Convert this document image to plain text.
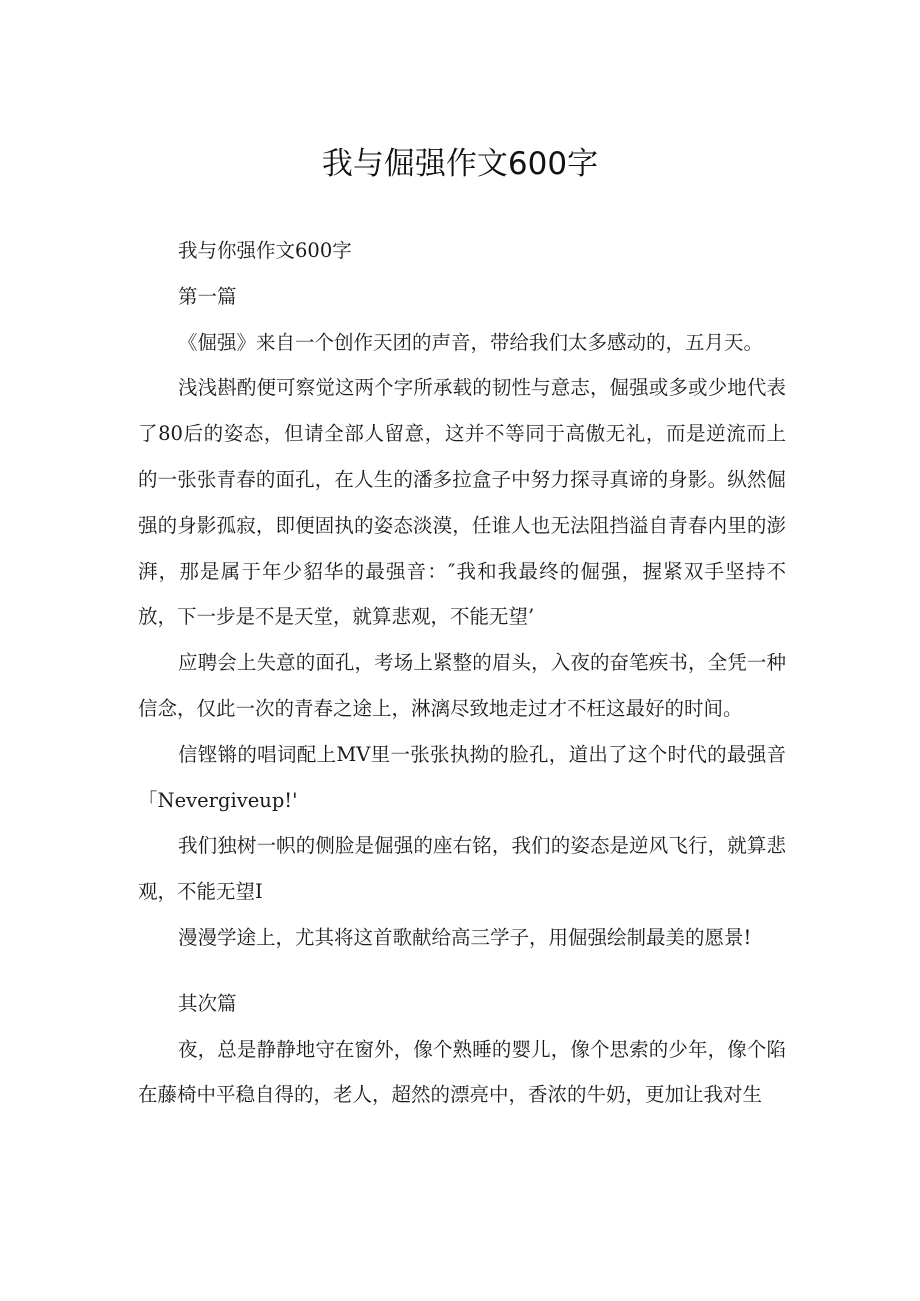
我与倔强作文600字

我与你强作文600字

第一篇

《倔强》来自一个创作天团的声音，带给我们太多感动的，五月天。

浅浅斟酌便可察觉这两个字所承载的韧性与意志，倔强或多或少地代表了80后的姿态，但请全部人留意，这并不等同于高傲无礼，而是逆流而上的一张张青春的面孔，在人生的潘多拉盒子中努力探寻真谛的身影。纵然倔强的身影孤寂，即便固执的姿态淡漠，任谁人也无法阻挡溢自青春内里的澎湃，那是属于年少貂华的最强音：″我和我最终的倔强，握紧双手坚持不放，下一步是不是天堂，就算悲观，不能无望’

应聘会上失意的面孔，考场上紧整的眉头，入夜的奋笔疾书，全凭一种信念，仅此一次的青春之途上，淋漓尽致地走过才不枉这最好的时间。

信铿锵的唱词配上MV里一张张执拗的脸孔，道出了这个时代的最强音「Nevergiveup!'

我们独树一帜的侧脸是倔强的座右铭，我们的姿态是逆风飞行，就算悲观，不能无望I

漫漫学途上，尤其将这首歌献给高三学子，用倔强绘制最美的愿景!

其次篇

夜，总是静静地守在窗外，像个熟睡的婴儿，像个思索的少年，像个陷在藤椅中平稳自得的，老人，超然的漂亮中，香浓的牛奶，更加让我对生
